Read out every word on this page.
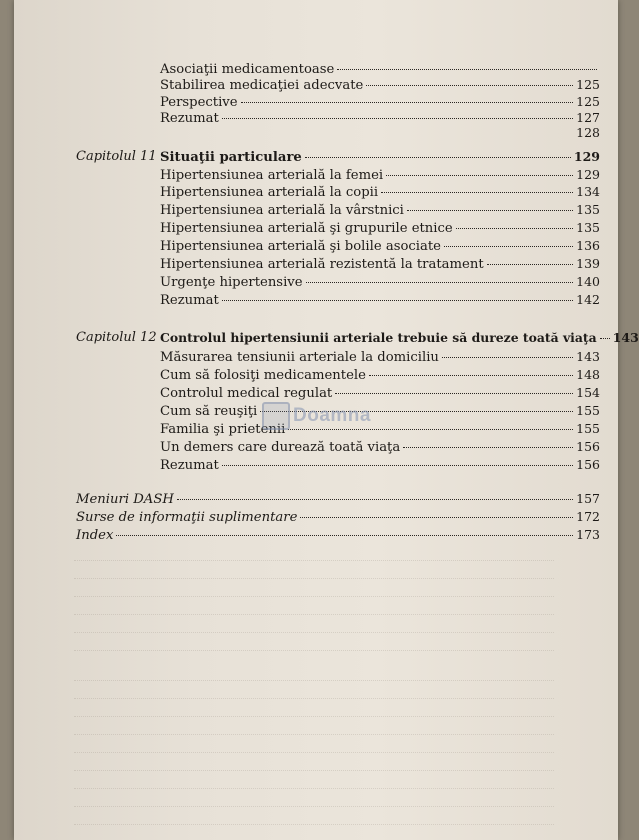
Asociaţii medicamentoase
Stabilirea medicaţiei adecvate	125
Perspective	125
Rezumat	127
128
Capitolul 11 Situaţii particulare	129
Hipertensiunea arterială la femei	129
Hipertensiunea arterială la copii	134
Hipertensiunea arterială la vârstnici	135
Hipertensiunea arterială şi grupurile etnice	135
Hipertensiunea arterială şi bolile asociate	136
Hipertensiunea arterială rezistentă la tratament	139
Urgenţe hipertensive	140
Rezumat	142
Capitolul 12 Controlul hipertensiunii arteriale trebuie să dureze toată viaţa 143
Măsurarea tensiunii arteriale la domiciliu	143
Cum să folosiţi medicamentele	148
Controlul medical regulat	154
Cum să reuşiţi	155
Familia şi prietenii	155
Un demers care durează toată viaţa	156
Rezumat	156
Meniuri DASH	157
Surse de informaţii suplimentare	172
Index	173
Doamna
